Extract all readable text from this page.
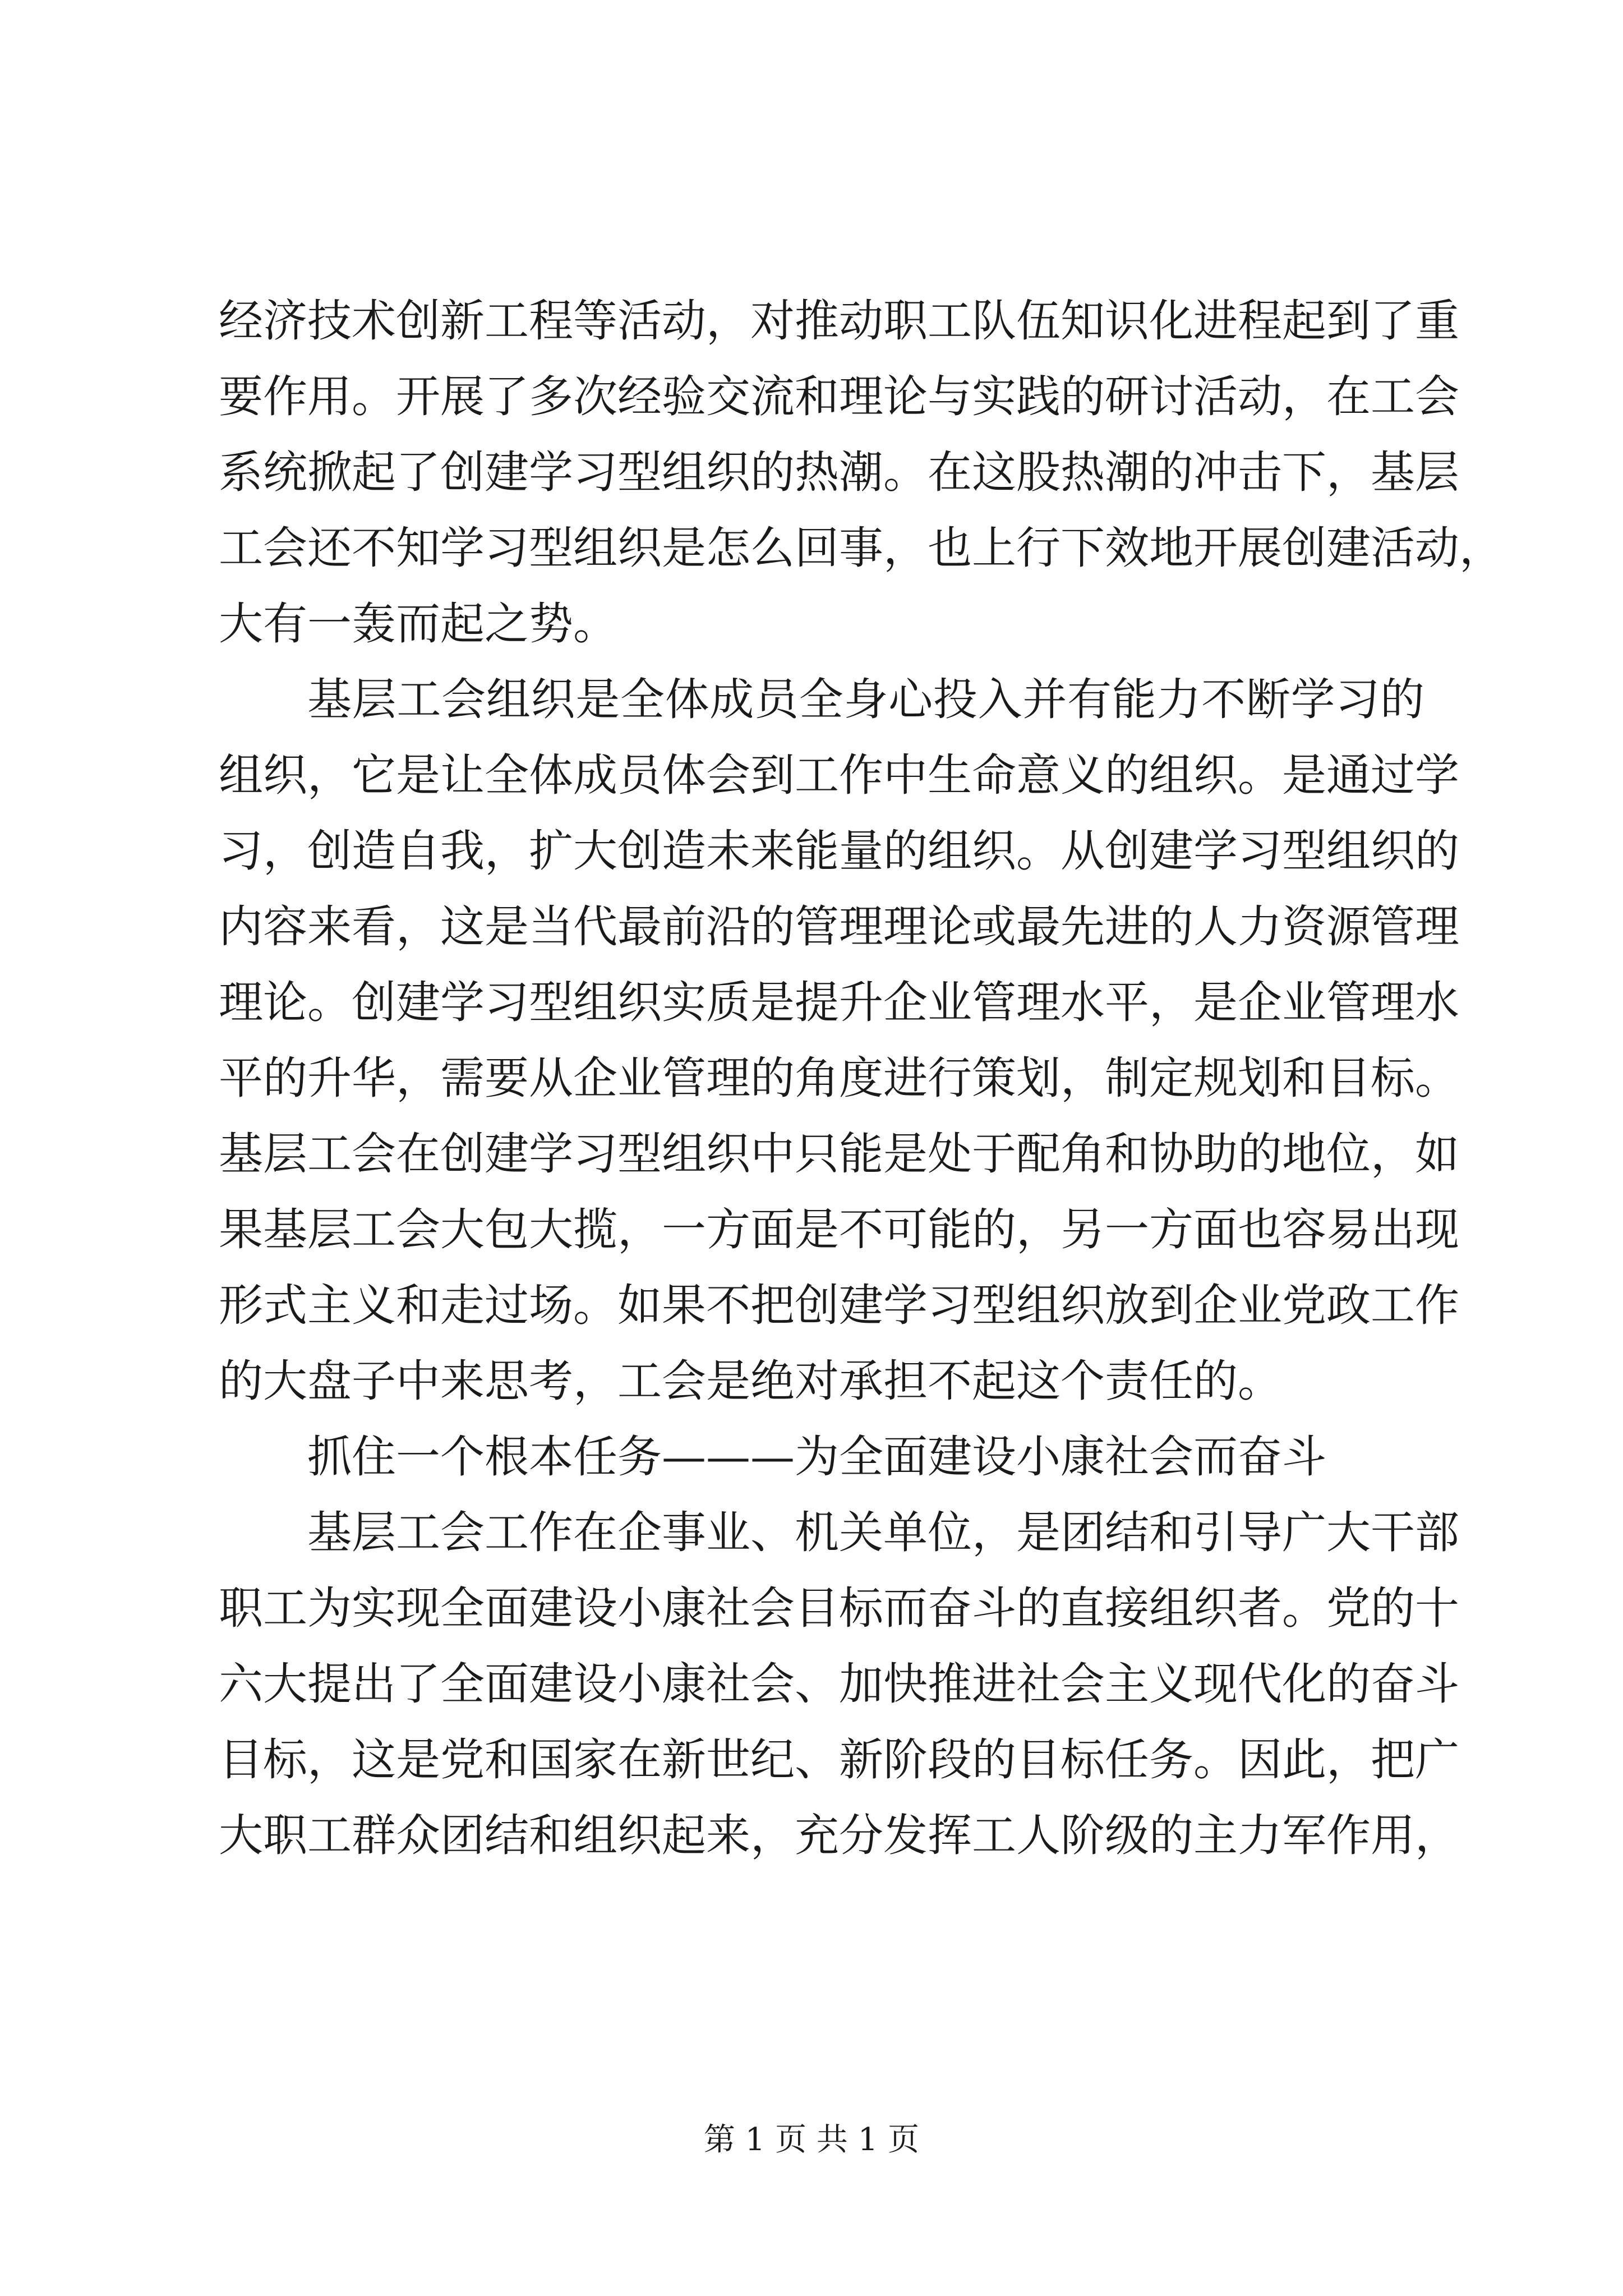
经济技术创新工程等活动，对推动职工队伍知识化进程起到了重
要作用。开展了多次经验交流和理论与实践的研讨活动，在工会
系统掀起了创建学习型组织的热潮。在这股热潮的冲击下，基层
工会还不知学习型组织是怎么回事，也上行下效地开展创建活动，
大有一轰而起之势。
基层工会组织是全体成员全身心投入并有能力不断学习的
组织，它是让全体成员体会到工作中生命意义的组织。是通过学
习，创造自我，扩大创造未来能量的组织。从创建学习型组织的
内容来看，这是当代最前沿的管理理论或最先进的人力资源管理
理论。创建学习型组织实质是提升企业管理水平，是企业管理水
平的升华，需要从企业管理的角度进行策划，制定规划和目标。
基层工会在创建学习型组织中只能是处于配角和协助的地位，如
果基层工会大包大揽，一方面是不可能的，另一方面也容易出现
形式主义和走过场。如果不把创建学习型组织放到企业党政工作
的大盘子中来思考，工会是绝对承担不起这个责任的。
抓住一个根本任务———为全面建设小康社会而奋斗
基层工会工作在企事业、机关单位，是团结和引导广大干部
职工为实现全面建设小康社会目标而奋斗的直接组织者。党的十
六大提出了全面建设小康社会、加快推进社会主义现代化的奋斗
目标，这是党和国家在新世纪、新阶段的目标任务。因此，把广
大职工群众团结和组织起来，充分发挥工人阶级的主力军作用，
第 1 页 共 1 页
